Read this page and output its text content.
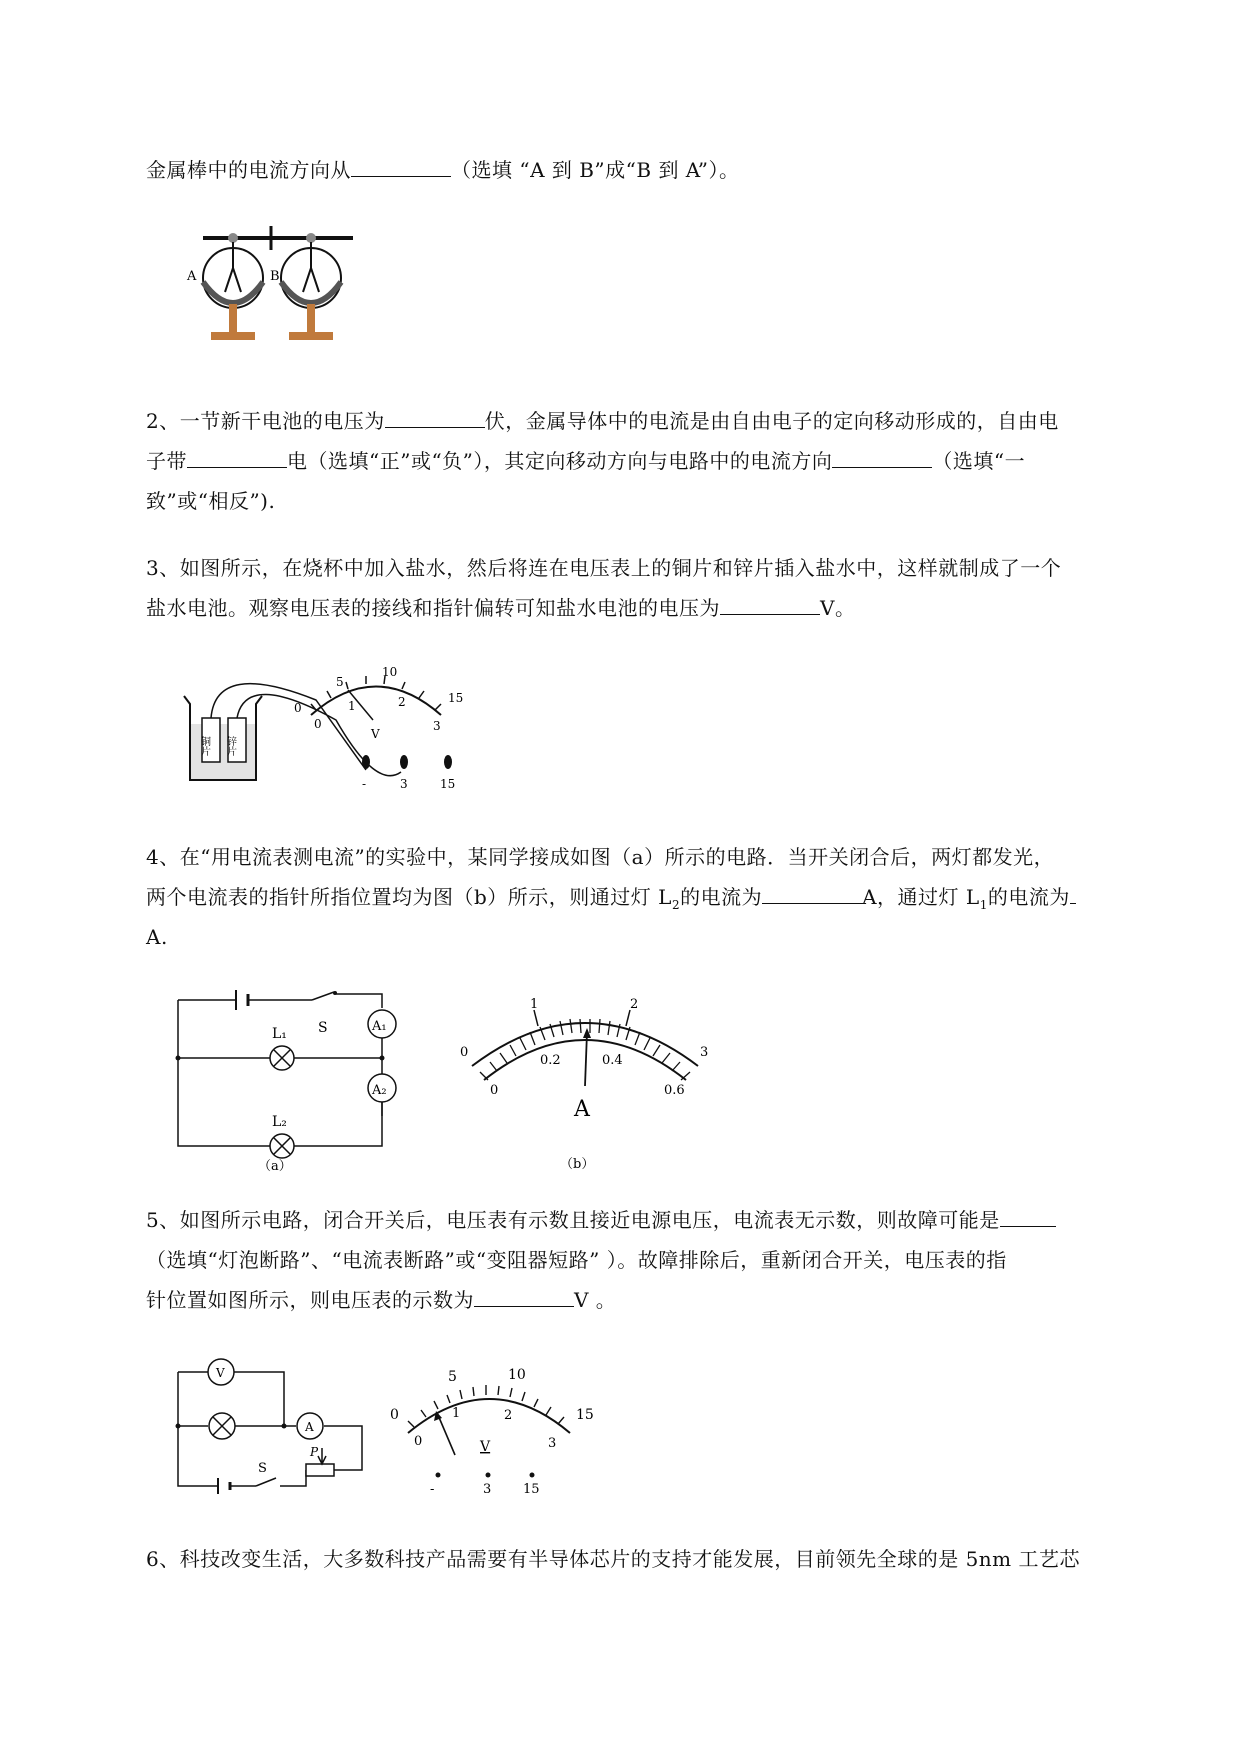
金属棒中的电流方向从	（选填 “A 到 B”成“B 到 A”）。
A	B
2、一节新干电池的电压为	伏，金属导体中的电流是由自由电子的定向移动形成的，自由电
子带	电（选填“正”或“负”），其定向移动方向与电路中的电流方向	（选填“一
致”或“相反”).
3、如图所示，在烧杯中加入盐水，然后将连在电压表上的铜片和锌片插入盐水中，这样就制成了一个
盐水电池。观察电压表的接线和指针偏转可知盐水电池的电压为	V。
铜片 锌片
0
5
10
15
0
1	2
3
V
-	3	15
4、在“用电流表测电流”的实验中，某同学接成如图（a）所示的电路．当开关闭合后，两灯都发光，
两个电流表的指针所指位置均为图（b）所示，则通过灯 $L_2$的电流为	A，通过灯 $L_1$的电流为
A.
S	A₁
A₂
L₁
L₂
（a）
0
1	2
3
0
0.2	0.4
0.6
A
（b）
5、如图所示电路，闭合开关后，电压表有示数且接近电源电压，电流表无示数，则故障可能是
（选填“灯泡断路”、“电流表断路”或“变阻器短路” ）。故障排除后，重新闭合开关，电压表的指
针位置如图所示，则电压表的示数为	V 。
V
A
S
P
0
5	10
15
0
1	2
3
V
-	3 15
6、科技改变生活，大多数科技产品需要有半导体芯片的支持才能发展，目前领先全球的是 5nm 工艺芯
